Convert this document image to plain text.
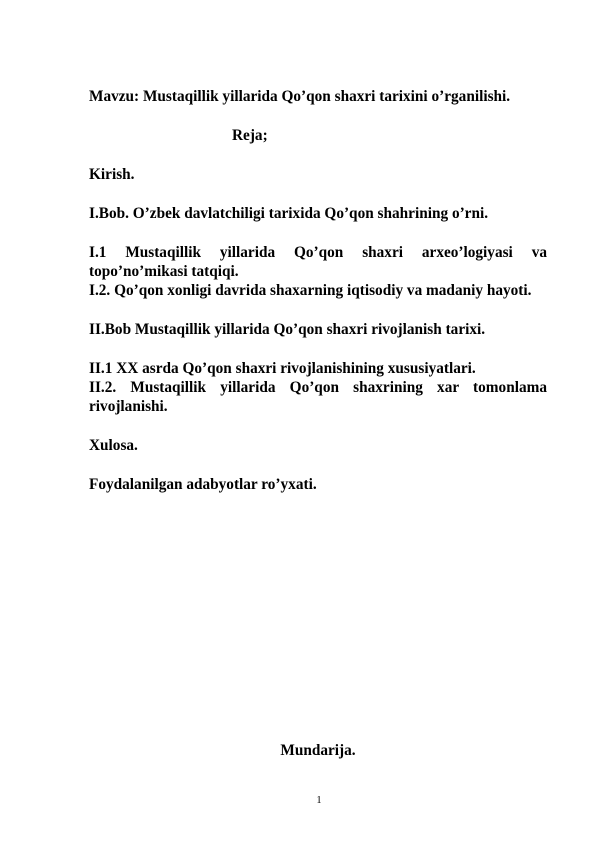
Mavzu: Mustaqillik yillarida Qo’qon shaxri tarixini o’rganilishi.

Reja;

Kirish.

I.Bob. O’zbek davlatchiligi tarixida Qo’qon shahrining o’rni.

I.1 Mustaqillik yillarida Qo’qon shaxri arxeo’logiyasi va topo’no’mikasi tatqiqi.

I.2. Qo’qon xonligi davrida shaxarning iqtisodiy va madaniy hayoti.

II.Bob Mustaqillik yillarida Qo’qon shaxri rivojlanish tarixi.

II.1 XX asrda Qo’qon shaxri rivojlanishining xususiyatlari.

II.2. Mustaqillik yillarida Qo’qon shaxrining xar tomonlama rivojlanishi.

Xulosa.

Foydalanilgan adabyotlar ro’yxati.

Mundarija.
1
